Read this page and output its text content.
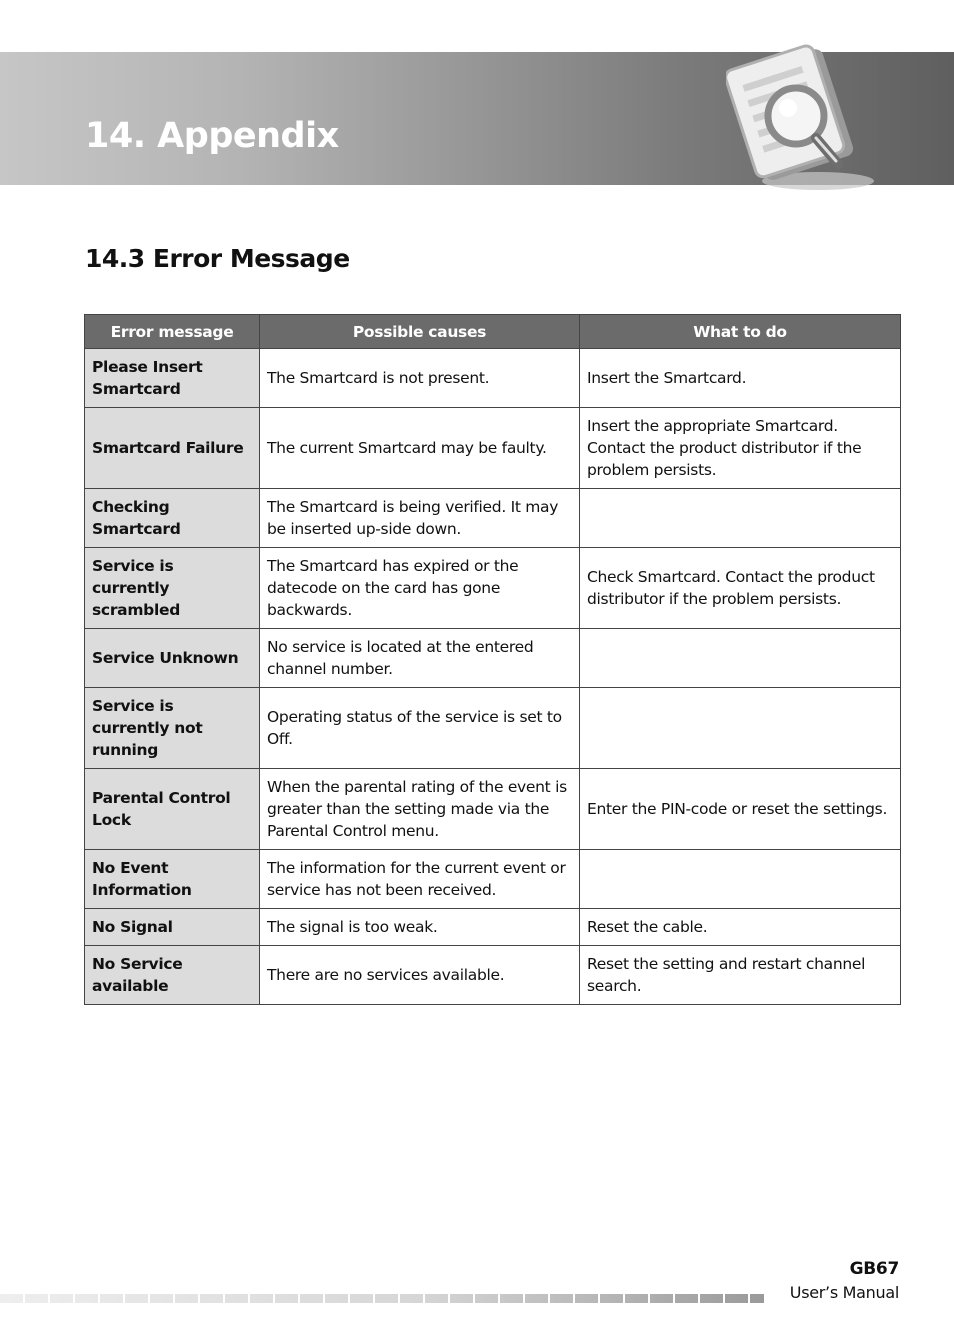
14. Appendix
14.3 Error Message
Error message	Possible causes	What to do
Please Insert Smartcard	The Smartcard is not present.	Insert the Smartcard.
Smartcard Failure	The current Smartcard may be faulty.	Insert the appropriate Smartcard. Contact the product distributor if the problem persists.
Checking Smartcard	The Smartcard is being verified. It may be inserted up-side down.	
Service is currently scrambled	The Smartcard has expired or the datecode on the card has gone backwards.	Check Smartcard. Contact the product distributor if the problem persists.
Service Unknown	No service is located at the entered channel number.	
Service is currently not running	Operating status of the service is set to Off.	
Parental Control Lock	When the parental rating of the event is greater than the setting made via the Parental Control menu.	Enter the PIN-code or reset the settings.
No Event Information	The information for the current event or service has not been received.	
No Signal	The signal is too weak.	Reset the cable.
No Service available	There are no services available.	Reset the setting and restart channel search.
GB67
User’s Manual
